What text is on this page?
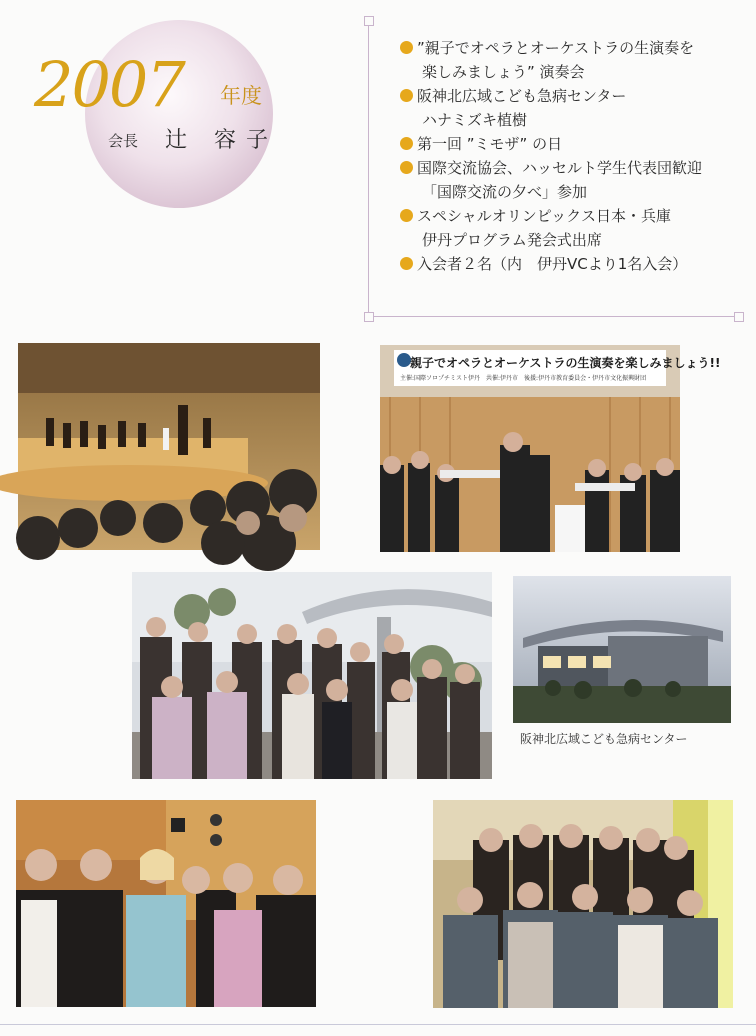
2007 年度
会長 辻 容子
”親子でオペラとオーケストラの生演奏を
楽しみましょう” 演奏会
阪神北広域こども急病センター
ハナミズキ植樹
第一回 ”ミモザ” の日
国際交流協会、ハッセルト学生代表団歓迎
「国際交流の夕べ」参加
スペシャルオリンピックス日本・兵庫
伊丹プログラム発会式出席
入会者２名（内　伊丹VCより1名入会）
親子でオペラとオーケストラの生演奏を楽しみましょう!!
主催:国際ソロプチミスト伊丹　共催:伊丹市　後援:伊丹市教育委員会・伊丹市文化振興財団
阪神北広域こども急病センター
